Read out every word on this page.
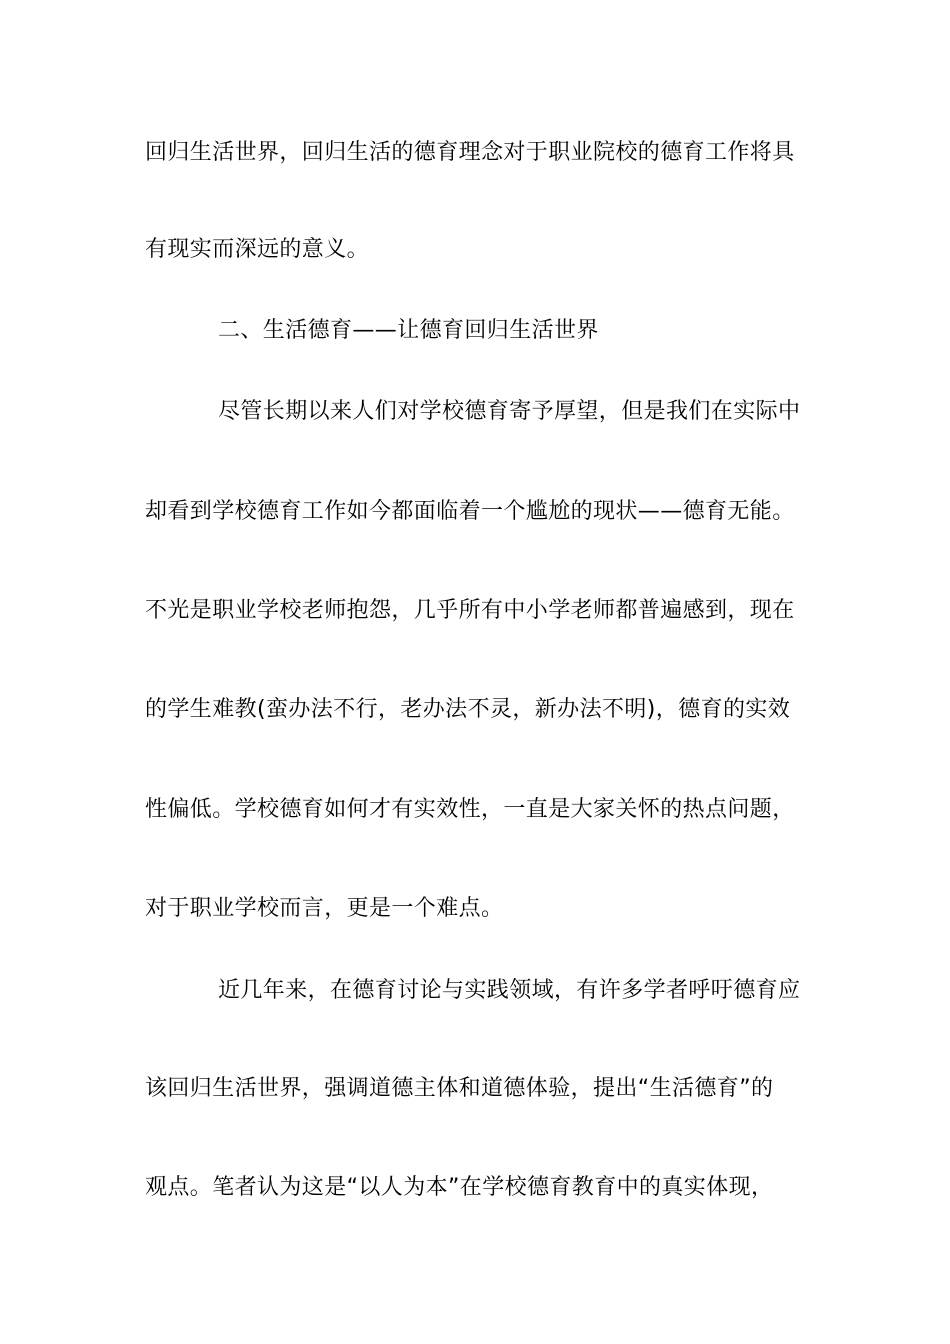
回归生活世界，回归生活的德育理念对于职业院校的德育工作将具
有现实而深远的意义。
二、生活德育——让德育回归生活世界
尽管长期以来人们对学校德育寄予厚望，但是我们在实际中
却看到学校德育工作如今都面临着一个尴尬的现状——德育无能。
不光是职业学校老师抱怨，几乎所有中小学老师都普遍感到，现在
的学生难教(蛮办法不行，老办法不灵，新办法不明)，德育的实效
性偏低。学校德育如何才有实效性，一直是大家关怀的热点问题，
对于职业学校而言，更是一个难点。
近几年来，在德育讨论与实践领域，有许多学者呼吁德育应
该回归生活世界，强调道德主体和道德体验，提出“生活德育”的
观点。笔者认为这是“以人为本”在学校德育教育中的真实体现，
